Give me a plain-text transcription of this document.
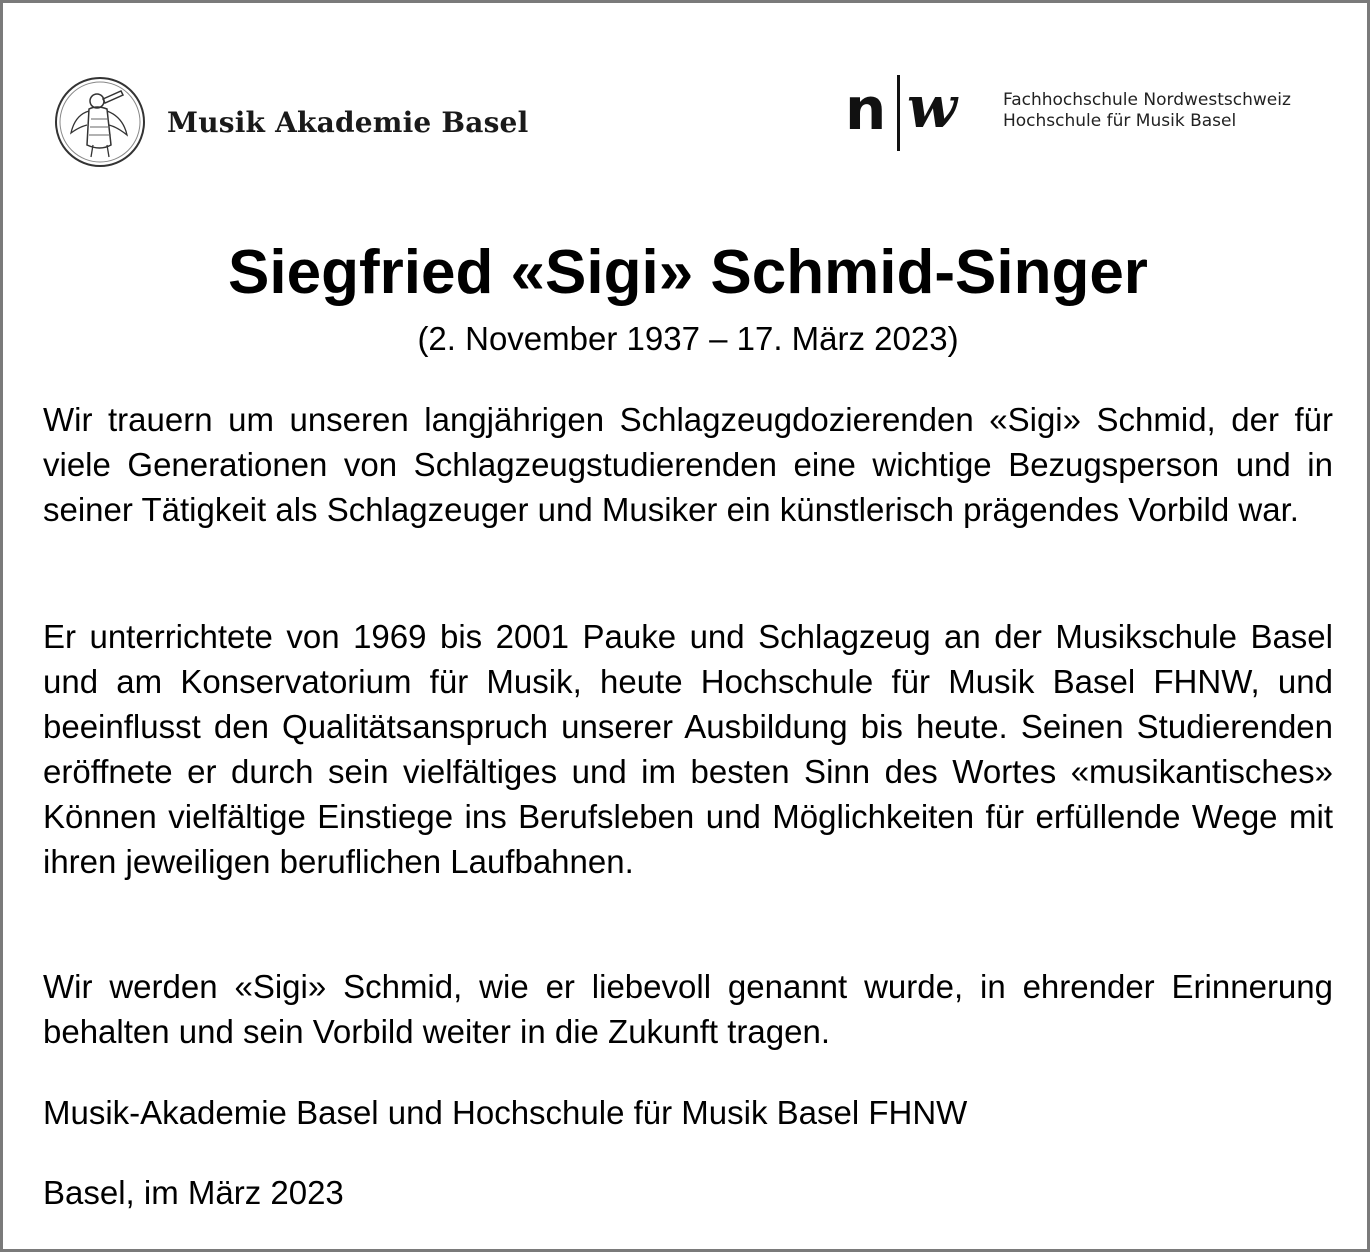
Musik Akademie Basel	n w	Fachhochschule Nordwestschweiz
Hochschule für Musik Basel
Siegfried «Sigi» Schmid-Singer
(2. November 1937 – 17. März 2023)

Wir trauern um unseren langjährigen Schlagzeugdozierenden «Sigi» Schmid, der für viele Generationen von Schlagzeugstudierenden eine wichtige Bezugsperson und in seiner Tätigkeit als Schlagzeuger und Musiker ein künstlerisch prägendes Vorbild war.

Er unterrichtete von 1969 bis 2001 Pauke und Schlagzeug an der Musikschule Basel und am Konservatorium für Musik, heute Hochschule für Musik Basel FHNW, und beeinflusst den Qualitätsanspruch unserer Ausbildung bis heute. Seinen Studierenden eröffnete er durch sein vielfältiges und im besten Sinn des Wortes «musikantisches» Können vielfältige Einstiege ins Berufsleben und Möglichkeiten für erfüllende Wege mit ihren jeweiligen beruflichen Laufbahnen.

Wir werden «Sigi» Schmid, wie er liebevoll genannt wurde, in ehrender Erinnerung behalten und sein Vorbild weiter in die Zukunft tragen.

Musik-Akademie Basel und Hochschule für Musik Basel FHNW

Basel, im März 2023
